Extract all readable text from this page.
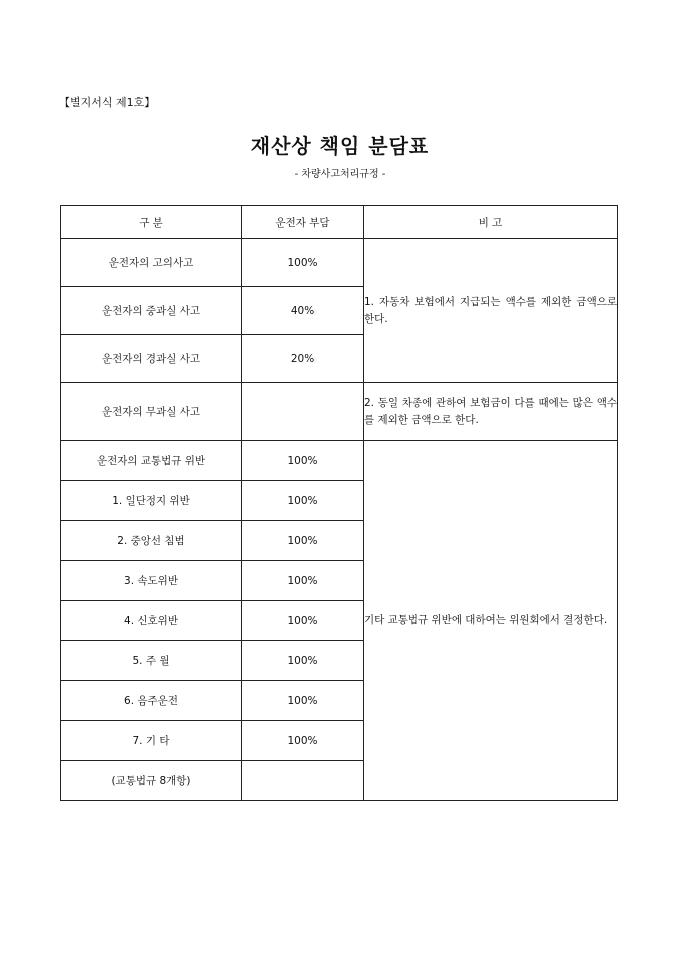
【별지서식 제1호】
재산상 책임 분담표
- 차량사고처리규정 -
구 분	운전자 부담	비 고
운전자의 고의사고	100%	1. 자동차 보험에서 지급되는 액수를 제외한 금액으로 한다.
운전자의 중과실 사고	40%	
운전자의 경과실 사고	20%	
운전자의 무과실 사고		2. 동일 차종에 관하여 보험금이 다를 때에는 많은 액수를 제외한 금액으로 한다.
운전자의 교통법규 위반	100%	기타 교통법규 위반에 대하여는 위원회에서 결정한다.
1. 일단정지 위반	100%	
2. 중앙선 침범	100%	
3. 속도위반	100%	
4. 신호위반	100%	
5. 주 월	100%	
6. 음주운전	100%	
7. 기 타	100%	
(교통법규 8개항)		
